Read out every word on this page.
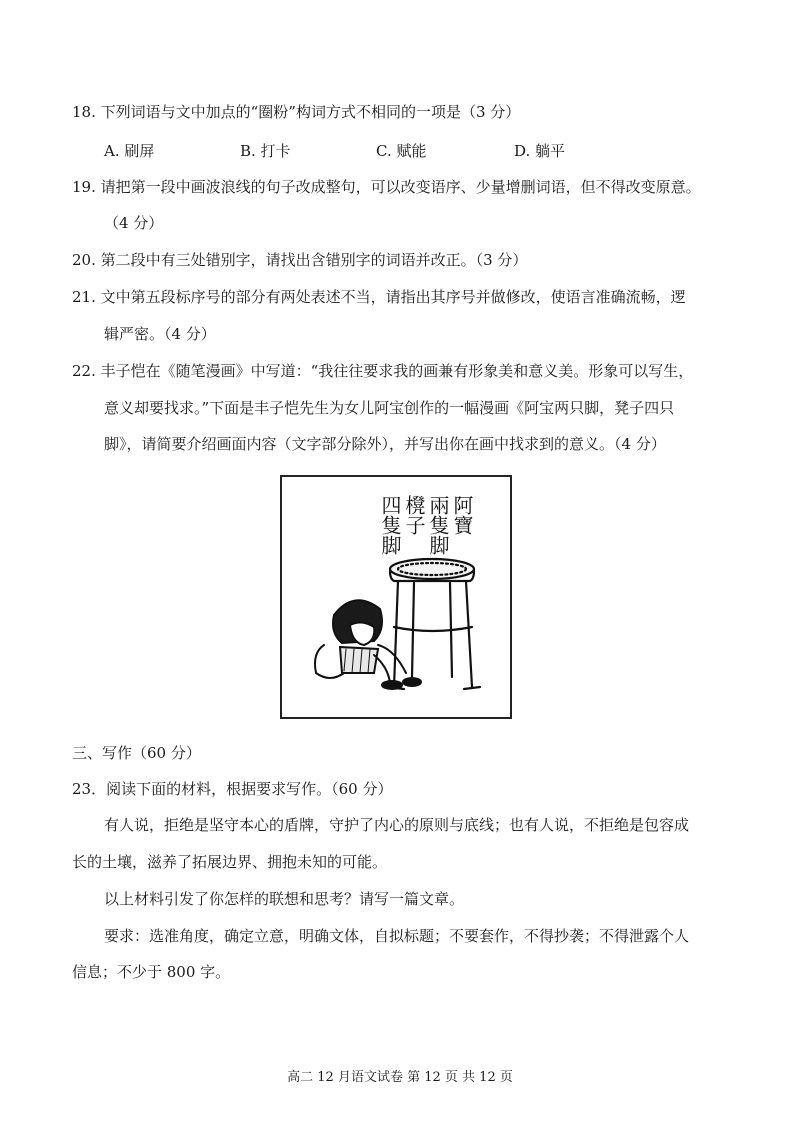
18. 下列词语与文中加点的“圈粉”构词方式不相同的一项是（3 分）
A. 刷屏	B. 打卡	C. 赋能	D. 躺平
19. 请把第一段中画波浪线的句子改成整句，可以改变语序、少量增删词语，但不得改变原意。
（4 分）
20. 第二段中有三处错别字，请找出含错别字的词语并改正。（3 分）
21. 文中第五段标序号的部分有两处表述不当，请指出其序号并做修改，使语言准确流畅，逻
辑严密。（4 分）
22. 丰子恺在《随笔漫画》中写道：“我往往要求我的画兼有形象美和意义美。形象可以写生，
意义却要找求。”下面是丰子恺先生为女儿阿宝创作的一幅漫画《阿宝两只脚，凳子四只
脚》，请简要介绍画面内容（文字部分除外），并写出你在画中找求到的意义。（4 分）
阿寶
兩隻脚
櫈子
四隻脚
三、写作（60 分）
23．阅读下面的材料，根据要求写作。（60 分）
有人说，拒绝是坚守本心的盾牌，守护了内心的原则与底线；也有人说，不拒绝是包容成
长的土壤，滋养了拓展边界、拥抱未知的可能。
以上材料引发了你怎样的联想和思考？请写一篇文章。
要求：选准角度，确定立意，明确文体，自拟标题；不要套作，不得抄袭；不得泄露个人
信息；不少于 800 字。
高二 12 月语文试卷 第 12 页 共 12 页
